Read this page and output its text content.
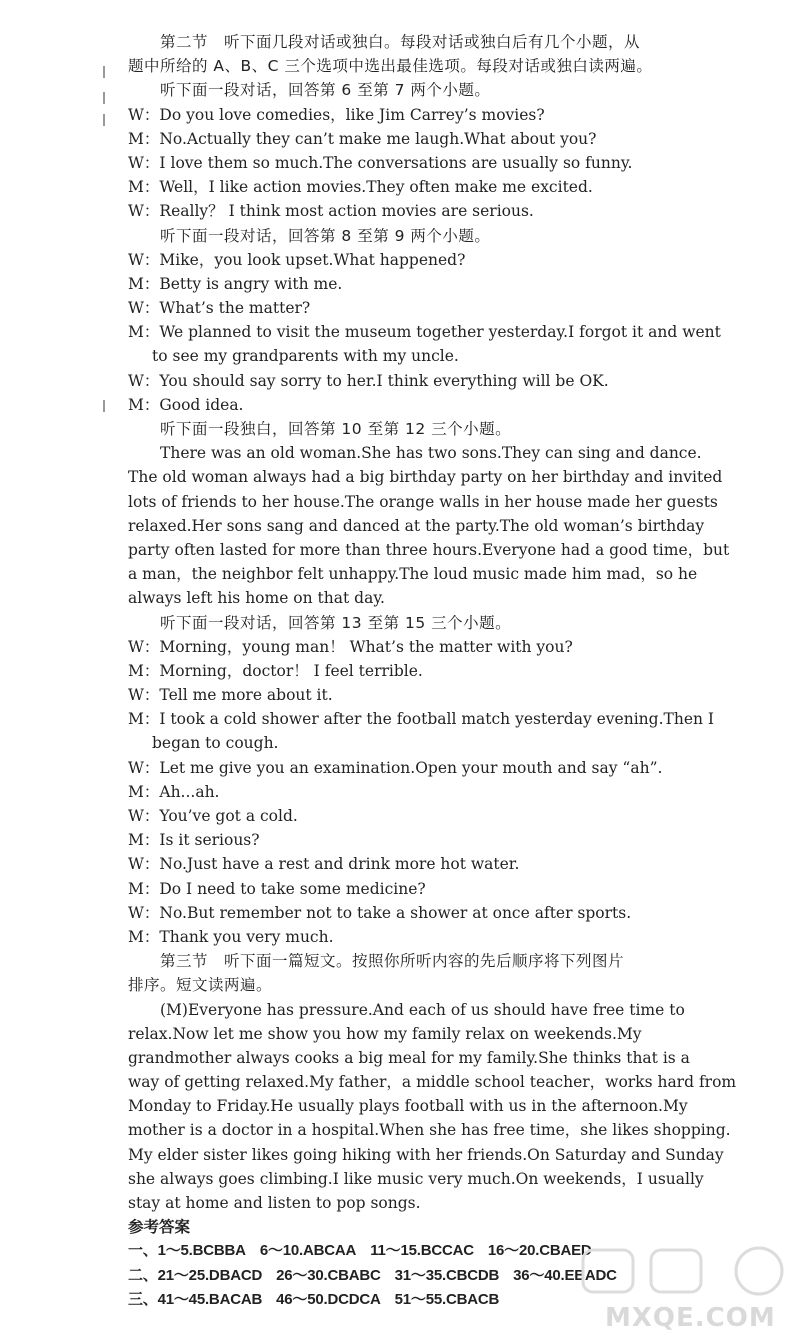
第二节　听下面几段对话或独白。每段对话或独白后有几个小题，从
题中所给的 A、B、C 三个选项中选出最佳选项。每段对话或独白读两遍。
听下面一段对话，回答第 6 至第 7 两个小题。
W：Do you love comedies，like Jim Carrey’s movies?
M：No.Actually they can’t make me laugh.What about you?
W：I love them so much.The conversations are usually so funny.
M：Well，I like action movies.They often make me excited.
W：Really？ I think most action movies are serious.
听下面一段对话，回答第 8 至第 9 两个小题。
W：Mike，you look upset.What happened?
M：Betty is angry with me.
W：What’s the matter?
M：We planned to visit the museum together yesterday.I forgot it and went
to see my grandparents with my uncle.
W：You should say sorry to her.I think everything will be OK.
M：Good idea.
听下面一段独白，回答第 10 至第 12 三个小题。
There was an old woman.She has two sons.They can sing and dance.
The old woman always had a big birthday party on her birthday and invited
lots of friends to her house.The orange walls in her house made her guests
relaxed.Her sons sang and danced at the party.The old woman’s birthday
party often lasted for more than three hours.Everyone had a good time，but
a man，the neighbor felt unhappy.The loud music made him mad，so he
always left his home on that day.
听下面一段对话，回答第 13 至第 15 三个小题。
W：Morning，young man！ What’s the matter with you?
M：Morning，doctor！ I feel terrible.
W：Tell me more about it.
M：I took a cold shower after the football match yesterday evening.Then I
began to cough.
W：Let me give you an examination.Open your mouth and say “ah”.
M：Ah...ah.
W：You’ve got a cold.
M：Is it serious?
W：No.Just have a rest and drink more hot water.
M：Do I need to take some medicine?
W：No.But remember not to take a shower at once after sports.
M：Thank you very much.
第三节　听下面一篇短文。按照你所听内容的先后顺序将下列图片
排序。短文读两遍。
(M)Everyone has pressure.And each of us should have free time to
relax.Now let me show you how my family relax on weekends.My
grandmother always cooks a big meal for my family.She thinks that is a
way of getting relaxed.My father，a middle school teacher，works hard from
Monday to Friday.He usually plays football with us in the afternoon.My
mother is a doctor in a hospital.When she has free time，she likes shopping.
My elder sister likes going hiking with her friends.On Saturday and Sunday
she always goes climbing.I like music very much.On weekends，I usually
stay at home and listen to pop songs.
参考答案
一、1～5.BCBBA 6～10.ABCAA 11～15.BCCAC 16～20.CBAED
二、21～25.DBACD 26～30.CBABC 31～35.CBCDB 36～40.EBADC
三、41～45.BACAB 46～50.DCDCA 51～55.CBACB
MXQE.COM
